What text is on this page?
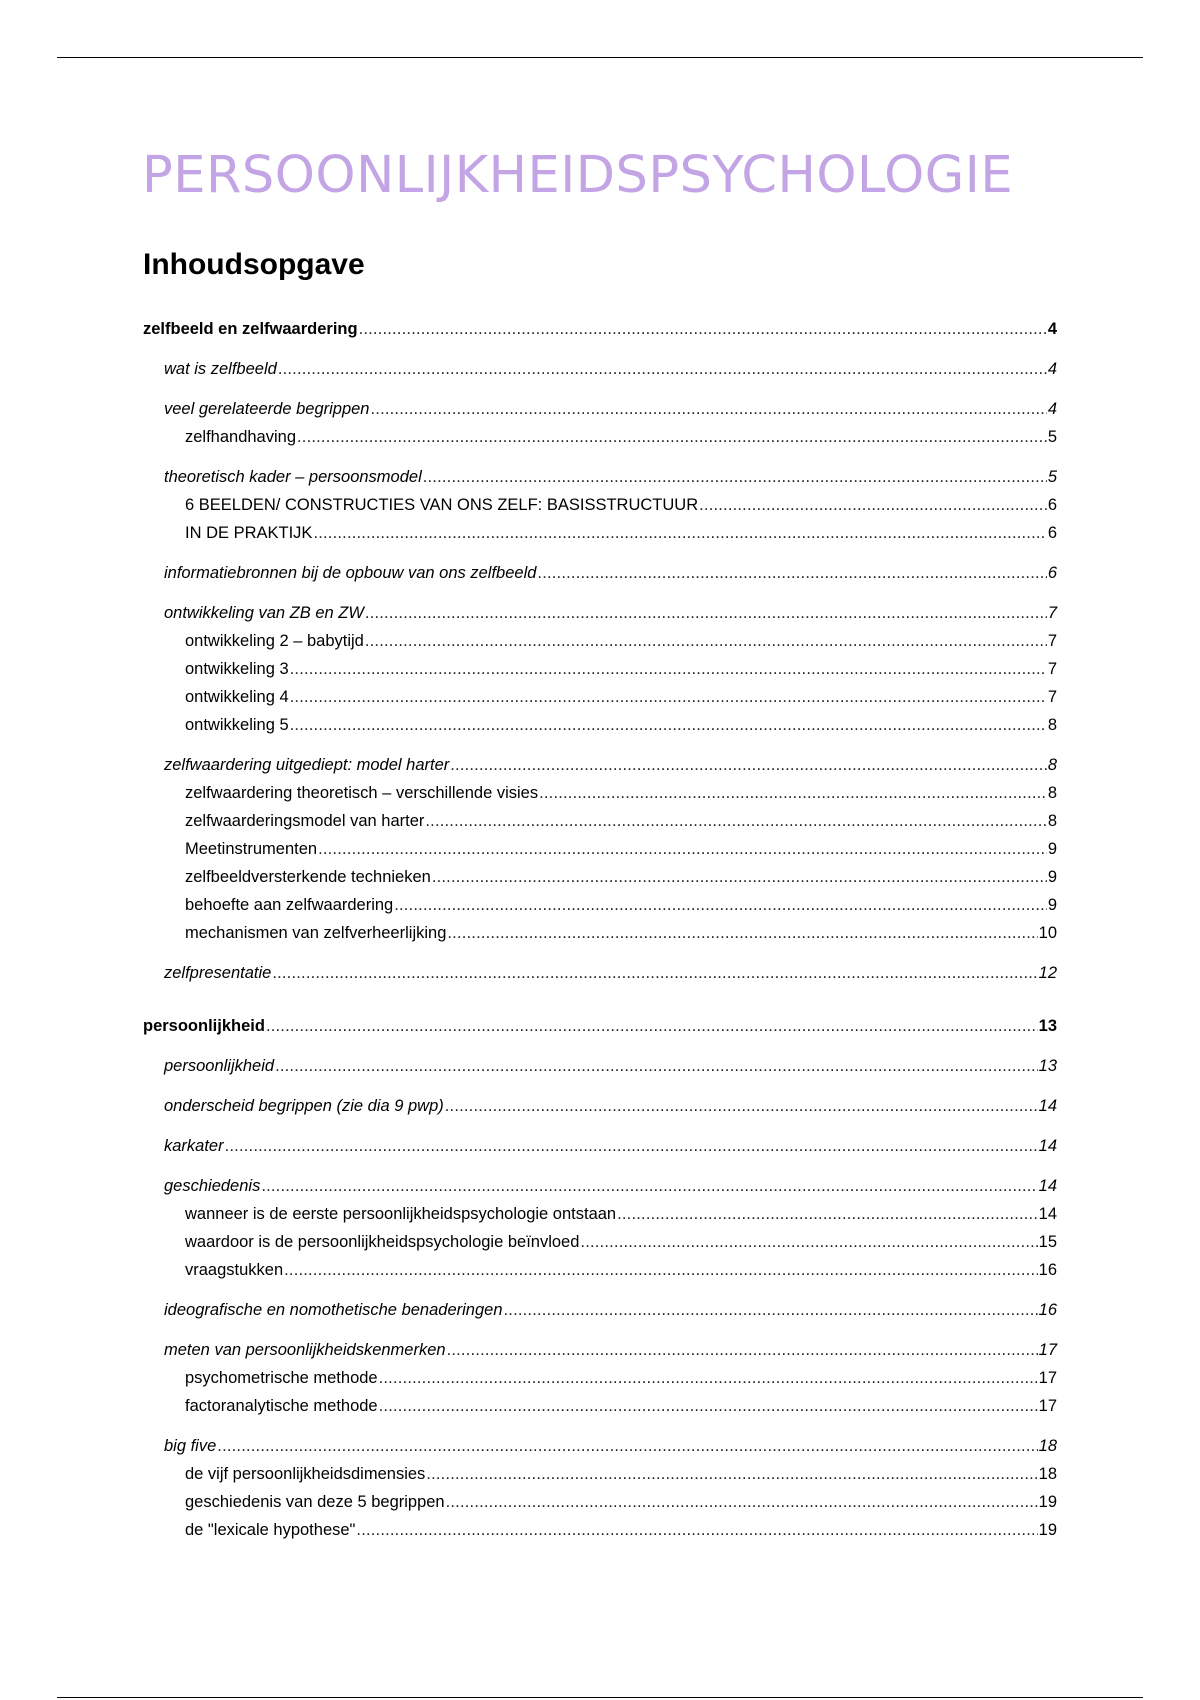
PERSOONLIJKHEIDSPSYCHOLOGIE
Inhoudsopgave
zelfbeeld en zelfwaardering .....	4
wat is zelfbeeld .....	4
veel gerelateerde begrippen .....	4
zelfhandhaving .....	5
theoretisch kader – persoonsmodel .....	5
6 BEELDEN/ CONSTRUCTIES VAN ONS ZELF: BASISSTRUCTUUR .....	6
IN DE PRAKTIJK .....	6
informatiebronnen bij de opbouw van ons zelfbeeld .....	6
ontwikkeling van ZB en ZW .....	7
ontwikkeling 2 – babytijd .....	7
ontwikkeling 3 .....	7
ontwikkeling 4 .....	7
ontwikkeling 5 .....	8
zelfwaardering uitgediept: model harter .....	8
zelfwaardering theoretisch – verschillende visies .....	8
zelfwaarderingsmodel van harter .....	8
Meetinstrumenten .....	9
zelfbeeldversterkende technieken .....	9
behoefte aan zelfwaardering .....	9
mechanismen van zelfverheerlijking .....	10
zelfpresentatie .....	12
persoonlijkheid .....	13
persoonlijkheid .....	13
onderscheid begrippen (zie dia 9 pwp) .....	14
karkater .....	14
geschiedenis .....	14
wanneer is de eerste persoonlijkheidspsychologie ontstaan .....	14
waardoor is de persoonlijkheidspsychologie beïnvloed .....	15
vraagstukken .....	16
ideografische en nomothetische benaderingen .....	16
meten van persoonlijkheidskenmerken .....	17
psychometrische methode .....	17
factoranalytische methode .....	17
big five .....	18
de vijf persoonlijkheidsdimensies .....	18
geschiedenis van deze 5 begrippen .....	19
de "lexicale hypothese" .....	19
